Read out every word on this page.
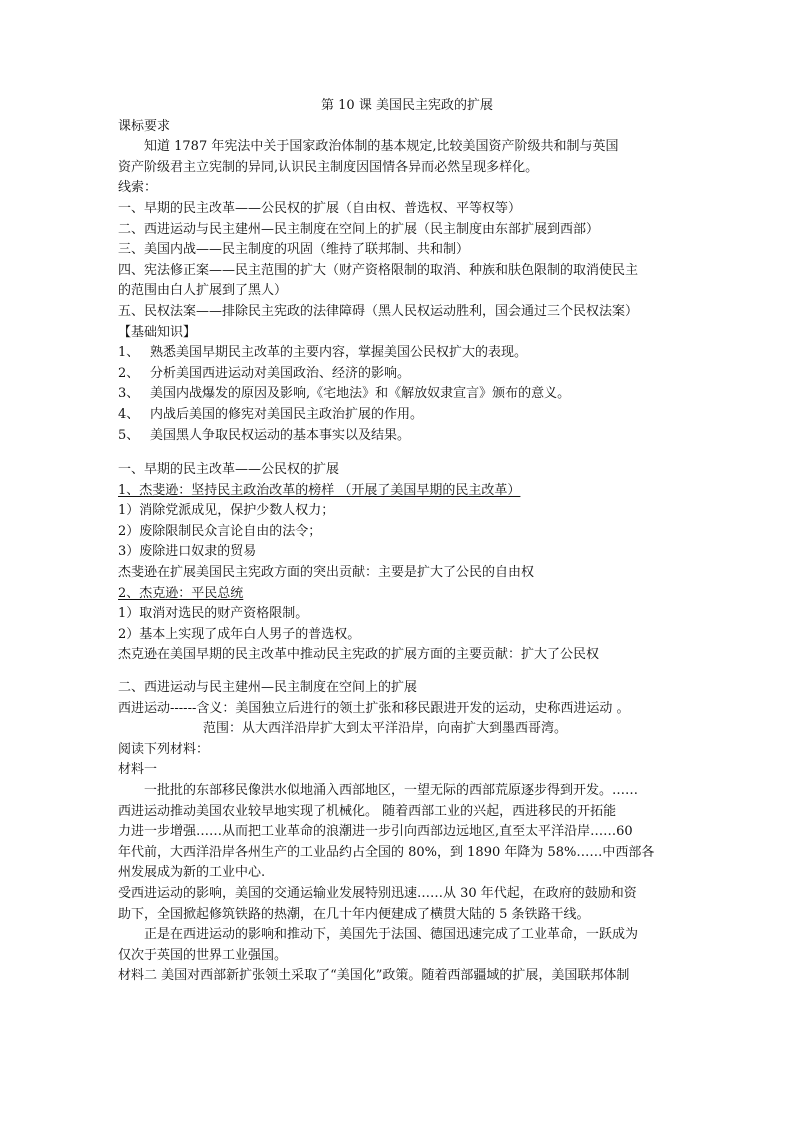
第 10 课 美国民主宪政的扩展
课标要求
知道 1787 年宪法中关于国家政治体制的基本规定,比较美国资产阶级共和制与英国
资产阶级君主立宪制的异同,认识民主制度因国情各异而必然呈现多样化。
线索：
一、早期的民主改革——公民权的扩展（自由权、普选权、平等权等）
二、西进运动与民主建州—民主制度在空间上的扩展（民主制度由东部扩展到西部）
三、美国内战——民主制度的巩固（维持了联邦制、共和制）
四、宪法修正案——民主范围的扩大（财产资格限制的取消、种族和肤色限制的取消使民主
的范围由白人扩展到了黑人）
五、民权法案——排除民主宪政的法律障碍（黑人民权运动胜利，国会通过三个民权法案）
【基础知识】
1、 熟悉美国早期民主改革的主要内容，掌握美国公民权扩大的表现。
2、 分析美国西进运动对美国政治、经济的影响。
3、 美国内战爆发的原因及影响,《宅地法》和《解放奴隶宣言》颁布的意义。
4、 内战后美国的修宪对美国民主政治扩展的作用。
5、 美国黑人争取民权运动的基本事实以及结果。
一、早期的民主改革——公民权的扩展
1、杰斐逊：坚持民主政治改革的榜样 （开展了美国早期的民主改革）
1）消除党派成见，保护少数人权力；
2）废除限制民众言论自由的法令；
3）废除进口奴隶的贸易
杰斐逊在扩展美国民主宪政方面的突出贡献：主要是扩大了公民的自由权
2、杰克逊：平民总统
1）取消对选民的财产资格限制。
2）基本上实现了成年白人男子的普选权。
杰克逊在美国早期的民主改革中推动民主宪政的扩展方面的主要贡献：扩大了公民权
二、西进运动与民主建州—民主制度在空间上的扩展
西进运动------含义：美国独立后进行的领土扩张和移民跟进开发的运动，史称西进运动 。
范围：从大西洋沿岸扩大到太平洋沿岸，向南扩大到墨西哥湾。
阅读下列材料：
材料一
一批批的东部移民像洪水似地涌入西部地区，一望无际的西部荒原逐步得到开发。……
西进运动推动美国农业较早地实现了机械化。 随着西部工业的兴起，西进移民的开拓能
力进一步增强……从而把工业革命的浪潮进一步引向西部边远地区,直至太平洋沿岸……60
年代前，大西洋沿岸各州生产的工业品约占全国的 80%，到 1890 年降为 58%……中西部各
州发展成为新的工业中心.
受西进运动的影响，美国的交通运输业发展特别迅速……从 30 年代起，在政府的鼓励和资
助下，全国掀起修筑铁路的热潮，在几十年内便建成了横贯大陆的 5 条铁路干线。
正是在西进运动的影响和推动下，美国先于法国、德国迅速完成了工业革命，一跃成为
仅次于英国的世界工业强国。
材料二 美国对西部新扩张领土采取了“美国化”政策。随着西部疆域的扩展，美国联邦体制
